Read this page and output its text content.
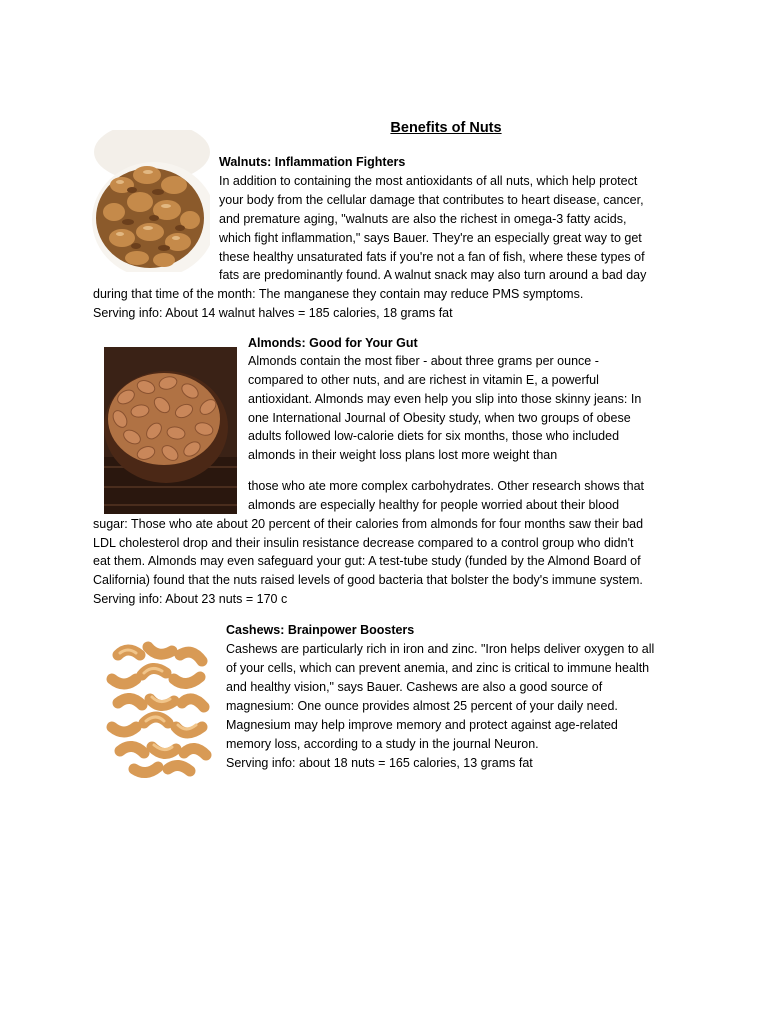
Benefits of Nuts
Walnuts: Inflammation Fighters
In addition to containing the most antioxidants of all nuts, which help protect
your body from the cellular damage that contributes to heart disease, cancer,
and premature aging, "walnuts are also the richest in omega-3 fatty acids,
which fight inflammation," says Bauer. They're an especially great way to get
these healthy unsaturated fats if you're not a fan of fish, where these types of
fats are predominantly found. A walnut snack may also turn around a bad day
during that time of the month: The manganese they contain may reduce PMS symptoms.
Serving info: About 14 walnut halves = 185 calories, 18 grams fat
Almonds: Good for Your Gut
Almonds contain the most fiber - about three grams per ounce -
compared to other nuts, and are richest in vitamin E, a powerful
antioxidant. Almonds may even help you slip into those skinny jeans: In
one International Journal of Obesity study, when two groups of obese
adults followed low-calorie diets for six months, those who included
almonds in their weight loss plans lost more weight than
those who ate more complex carbohydrates. Other research shows that
almonds are especially healthy for people worried about their blood
sugar: Those who ate about 20 percent of their calories from almonds for four months saw their bad
LDL cholesterol drop and their insulin resistance decrease compared to a control group who didn't
eat them. Almonds may even safeguard your gut: A test-tube study (funded by the Almond Board of
California) found that the nuts raised levels of good bacteria that bolster the body's immune system.
Serving info: About 23 nuts = 170 c
Cashews: Brainpower Boosters
Cashews are particularly rich in iron and zinc. "Iron helps deliver oxygen to all
of your cells, which can prevent anemia, and zinc is critical to immune health
and healthy vision," says Bauer. Cashews are also a good source of
magnesium: One ounce provides almost 25 percent of your daily need.
Magnesium may help improve memory and protect against age-related
memory loss, according to a study in the journal Neuron.
Serving info: about 18 nuts = 165 calories, 13 grams fat
